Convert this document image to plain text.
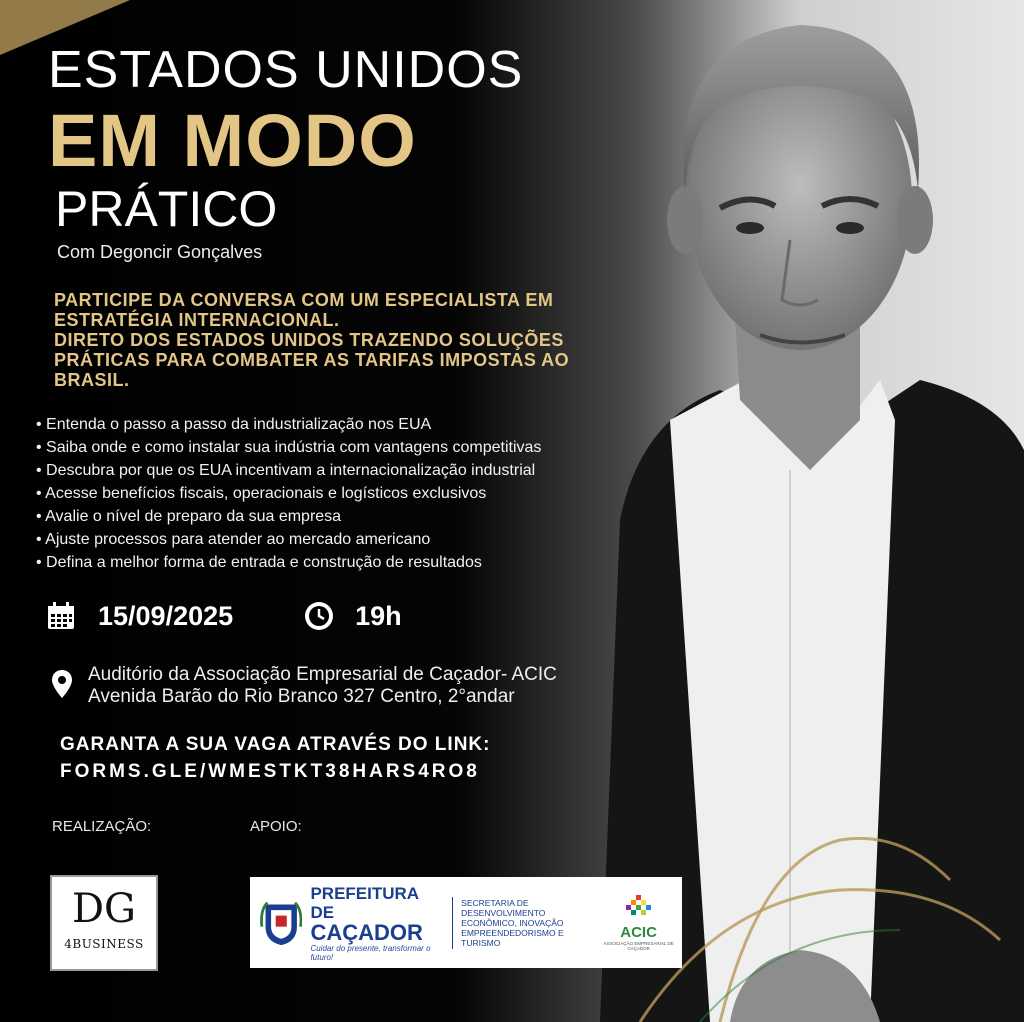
ESTADOS UNIDOS
EM MODO
PRÁTICO
Com Degoncir Gonçalves
PARTICIPE DA CONVERSA COM UM ESPECIALISTA EM
ESTRATÉGIA INTERNACIONAL.
DIRETO DOS ESTADOS UNIDOS TRAZENDO SOLUÇÕES
PRÁTICAS PARA COMBATER AS TARIFAS IMPOSTAS AO
BRASIL.
• Entenda o passo a passo da industrialização nos EUA
• Saiba onde e como instalar sua indústria com vantagens competitivas
• Descubra por que os EUA incentivam a internacionalização industrial
• Acesse benefícios fiscais, operacionais e logísticos exclusivos
• Avalie o nível de preparo da sua empresa
• Ajuste processos para atender ao mercado americano
• Defina a melhor forma de entrada e construção de resultados
15/09/2025	19h
Auditório da Associação Empresarial de Caçador- ACIC
Avenida Barão do Rio Branco 327 Centro, 2°andar
GARANTA A SUA VAGA ATRAVÉS DO LINK:
FORMS.GLE/WMESTKT38HARS4RO8
REALIZAÇÃO:	APOIO:
DG
4BUSINESS
PREFEITURA DE
CAÇADOR
Cuidar do presente, transformar o futuro!
SECRETARIA DE DESENVOLVIMENTO ECONÔMICO, INOVAÇÃO EMPREENDEDORISMO E TURISMO
ACIC
ASSOCIAÇÃO EMPRESARIAL DE CAÇADOR
